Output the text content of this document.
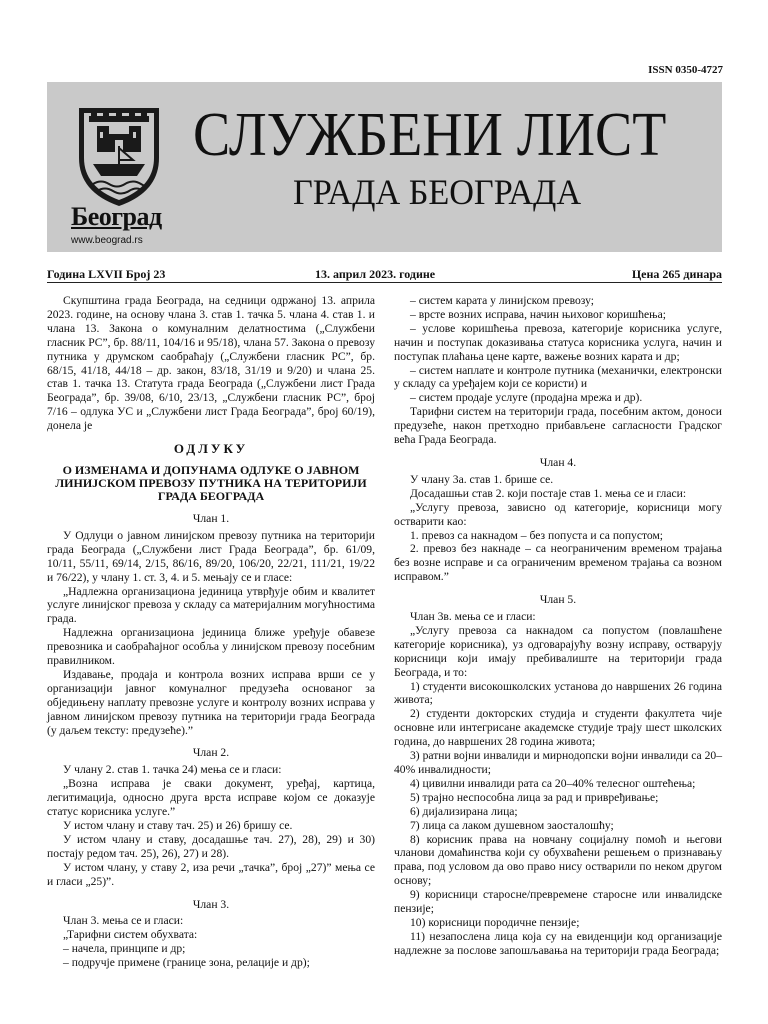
ISSN 0350-4727
Београд
www.beograd.rs
СЛУЖБЕНИ ЛИСТ
ГРАДА БЕОГРАДА
Година LXVII Број 23	13. април 2023. године	Цена 265 динара

Скупштина града Београда, на седници одржаној 13. априла 2023. године, на основу члана 3. став 1. тачка 5. члана 4. став 1. и члана 13. Закона о комуналним делатностима („Службени гласник РС”, бр. 88/11, 104/16 и 95/18), члана 57. Закона о превозу путника у друмском саобраћају („Службени гласник РС”, бр. 68/15, 41/18, 44/18 – др. закон, 83/18, 31/19 и 9/20) и члана 25. став 1. тачка 13. Статута града Београда („Службени лист Града Београда”, бр. 39/08, 6/10, 23/13, „Службени гласник РС”, број 7/16 – одлука УС и „Службени лист Града Београда”, број 60/19), донела је

ОДЛУКУ
О ИЗМЕНАМА И ДОПУНАМА ОДЛУКЕ О ЈАВНОМ ЛИНИЈСКОМ ПРЕВОЗУ ПУТНИКА НА ТЕРИТОРИЈИ ГРАДА БЕОГРАДА

Члан 1.

У Одлуци о јавном линијском превозу путника на територији града Београда („Службени лист Града Београда”, бр. 61/09, 10/11, 55/11, 69/14, 2/15, 86/16, 89/20, 106/20, 22/21, 111/21, 19/22 и 76/22), у члану 1. ст. 3, 4. и 5. мењају се и гласе:

„Надлежна организациона јединица утврђује обим и квалитет услуге линијског превоза у складу са материјалним могућностима града.

Надлежна организациона јединица ближе уређује обавезе превозника и саобраћајног особља у линијском превозу посебним правилником.

Издавање, продаја и контрола возних исправа врши се у организацији јавног комуналног предузећа основаног за обједињену наплату превозне услуге и контролу возних исправа у јавном линијском превозу путника на територији града Београда (у даљем тексту: предузеће).”

Члан 2.

У члану 2. став 1. тачка 24) мења се и гласи:

„Возна исправа је сваки документ, уређај, картица, легитимација, односно друга врста исправе којом се доказује статус корисника услуге.”

У истом члану и ставу тач. 25) и 26) бришу се.

У истом члану и ставу, досадашње тач. 27), 28), 29) и 30) постају редом тач. 25), 26), 27) и 28).

У истом члану, у ставу 2, иза речи „тачка”, број „27)” мења се и гласи „25)”.

Члан 3.

Члан 3. мења се и гласи:

„Тарифни систем обухвата:

– начела, принципе и др;

– подручје примене (границе зона, релације и др);

– систем карата у линијском превозу;

– врсте возних исправа, начин њиховог коришћења;

– услове коришћења превоза, категорије корисника услуге, начин и поступак доказивања статуса корисника услуга, начин и поступак плаћања цене карте, важење возних карата и др;

– систем наплате и контроле путника (механички, електронски у складу са уређајем који се користи) и

– систем продаје услуге (продајна мрежа и др).

Тарифни систем на територији града, посебним актом, доноси предузеће, након претходно прибављене сагласности Градског већа Града Београда.

Члан 4.

У члану 3а. став 1. брише се.

Досадашњи став 2. који постаје став 1. мења се и гласи:

„Услугу превоза, зависно од категорије, корисници могу остварити као:

1. превоз са накнадом – без попуста и са попустом;

2. превоз без накнаде – са неограниченим временом трајања без возне исправе и са ограниченим временом трајања са возном исправом.”

Члан 5.

Члан 3в. мења се и гласи:

„Услугу превоза са накнадом са попустом (повлашћене категорије корисника), уз одговарајућу возну исправу, остварују корисници који имају пребивалиште на територији града Београда, и то:

1) студенти високошколских установа до навршених 26 година живота;

2) студенти докторских студија и студенти факултета чије основне или интегрисане академске студије трају шест школских година, до навршених 28 година живота;

3) ратни војни инвалиди и мирнодопски војни инвалиди са 20–40% инвалидности;

4) цивилни инвалиди рата са 20–40% телесног оштећења;

5) трајно неспособна лица за рад и привређивање;

6) дијализирана лица;

7) лица са лаком душевном заосталошћу;

8) корисник права на новчану социјалну помоћ и његови чланови домаћинства који су обухваћени решењем о признавању права, под условом да ово право нису остварили по неком другом основу;

9) корисници старосне/превремене старосне или инвалидске пензије;

10) корисници породичне пензије;

11) незапослена лица која су на евиденцији код организације надлежне за послове запошљавања на територији града Београда;
